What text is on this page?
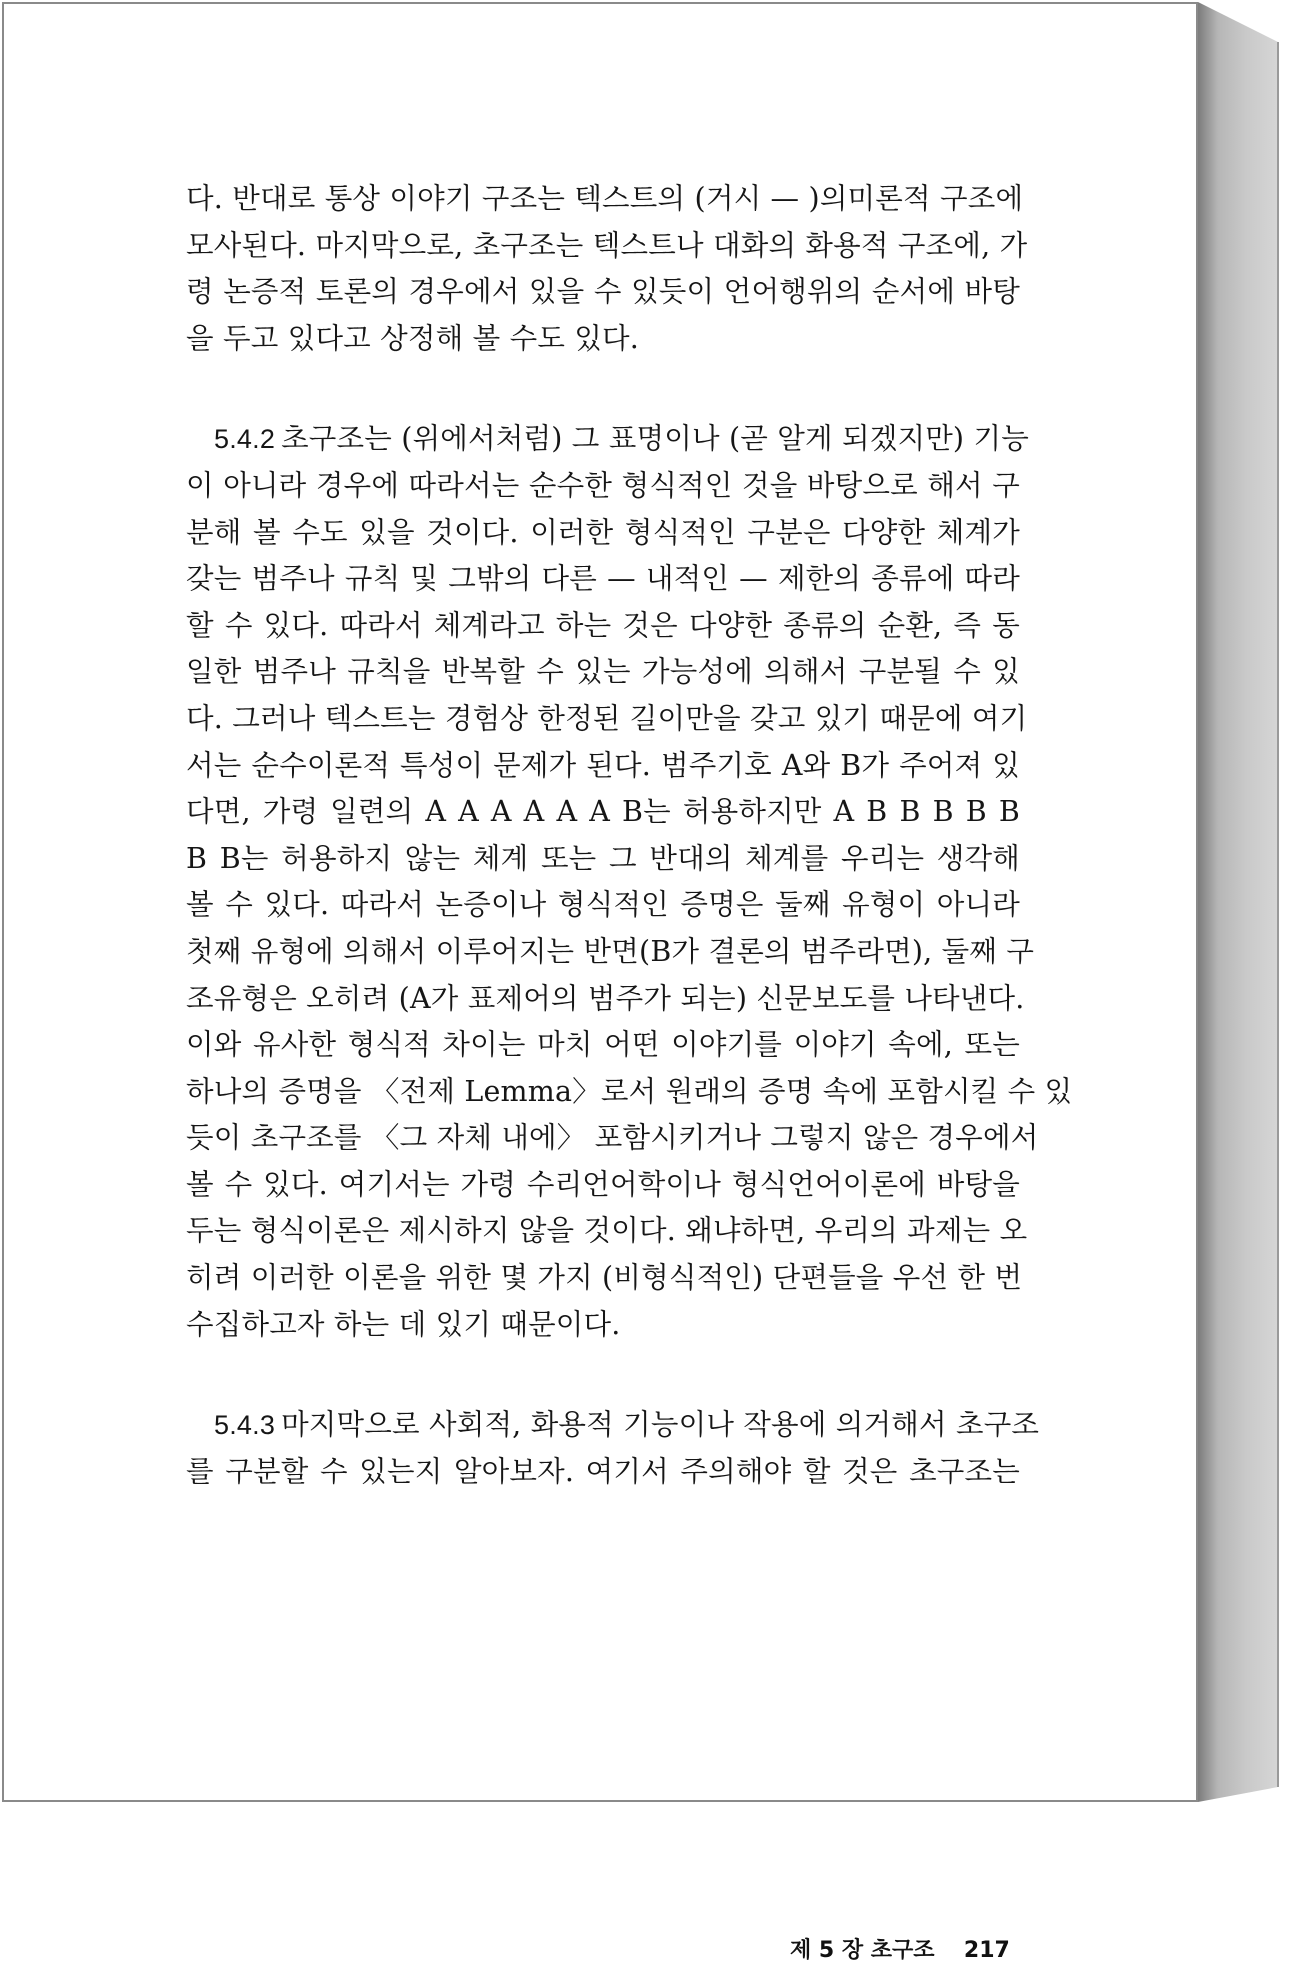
다. 반대로 통상 이야기 구조는 텍스트의 (거시 — )의미론적 구조에
모사된다. 마지막으로, 초구조는 텍스트나 대화의 화용적 구조에, 가
령 논증적 토론의 경우에서 있을 수 있듯이 언어행위의 순서에 바탕
을 두고 있다고 상정해 볼 수도 있다.
5.4.2 초구조는 (위에서처럼) 그 표명이나 (곧 알게 되겠지만) 기능
이 아니라 경우에 따라서는 순수한 형식적인 것을 바탕으로 해서 구
분해 볼 수도 있을 것이다. 이러한 형식적인 구분은 다양한 체계가
갖는 범주나 규칙 및 그밖의 다른 — 내적인 — 제한의 종류에 따라
할 수 있다. 따라서 체계라고 하는 것은 다양한 종류의 순환, 즉 동
일한 범주나 규칙을 반복할 수 있는 가능성에 의해서 구분될 수 있
다. 그러나 텍스트는 경험상 한정된 길이만을 갖고 있기 때문에 여기
서는 순수이론적 특성이 문제가 된다. 범주기호 A와 B가 주어져 있
다면, 가령 일련의 A A A A A A B는 허용하지만 A B B B B B
B B는 허용하지 않는 체계 또는 그 반대의 체계를 우리는 생각해
볼 수 있다. 따라서 논증이나 형식적인 증명은 둘째 유형이 아니라
첫째 유형에 의해서 이루어지는 반면(B가 결론의 범주라면), 둘째 구
조유형은 오히려 (A가 표제어의 범주가 되는) 신문보도를 나타낸다.
이와 유사한 형식적 차이는 마치 어떤 이야기를 이야기 속에, 또는
하나의 증명을 〈전제 Lemma〉로서 원래의 증명 속에 포함시킬 수 있
듯이 초구조를 〈그 자체 내에〉 포함시키거나 그렇지 않은 경우에서
볼 수 있다. 여기서는 가령 수리언어학이나 형식언어이론에 바탕을
두는 형식이론은 제시하지 않을 것이다. 왜냐하면, 우리의 과제는 오
히려 이러한 이론을 위한 몇 가지 (비형식적인) 단편들을 우선 한 번
수집하고자 하는 데 있기 때문이다.
5.4.3 마지막으로 사회적, 화용적 기능이나 작용에 의거해서 초구조
를 구분할 수 있는지 알아보자. 여기서 주의해야 할 것은 초구조는
제 5 장 초구조 217
